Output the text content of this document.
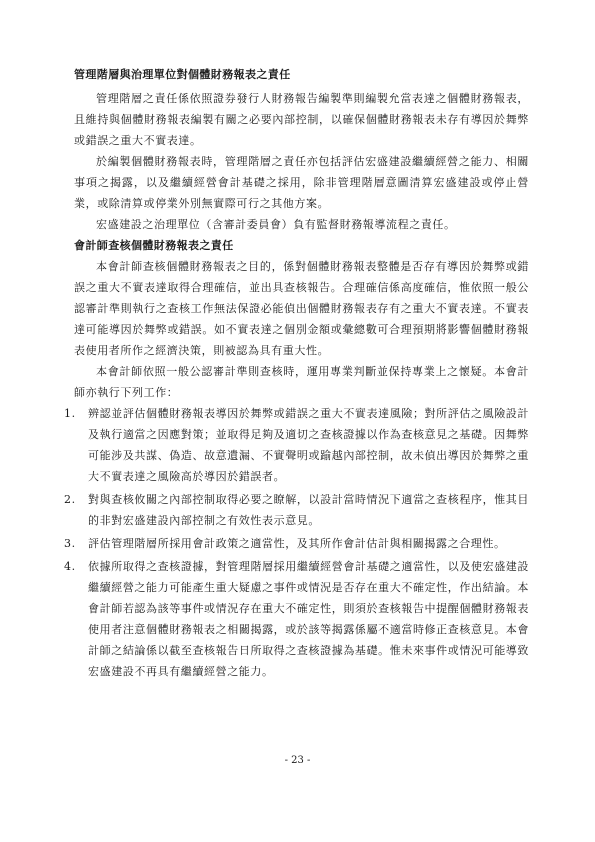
管理階層與治理單位對個體財務報表之責任

管理階層之責任係依照證券發行人財務報告編製準則編製允當表達之個體財務報表，且維持與個體財務報表編製有關之必要內部控制，以確保個體財務報表未存有導因於舞弊或錯誤之重大不實表達。

於編製個體財務報表時，管理階層之責任亦包括評估宏盛建設繼續經營之能力、相關事項之揭露，以及繼續經營會計基礎之採用，除非管理階層意圖清算宏盛建設或停止營業，或除清算或停業外別無實際可行之其他方案。

宏盛建設之治理單位（含審計委員會）負有監督財務報導流程之責任。

會計師查核個體財務報表之責任

本會計師查核個體財務報表之目的，係對個體財務報表整體是否存有導因於舞弊或錯誤之重大不實表達取得合理確信，並出具查核報告。合理確信係高度確信，惟依照一般公認審計準則執行之查核工作無法保證必能偵出個體財務報表存有之重大不實表達。不實表達可能導因於舞弊或錯誤。如不實表達之個別金額或彙總數可合理預期將影響個體財務報表使用者所作之經濟決策，則被認為具有重大性。

本會計師依照一般公認審計準則查核時，運用專業判斷並保持專業上之懷疑。本會計師亦執行下列工作：

1. 辨認並評估個體財務報表導因於舞弊或錯誤之重大不實表達風險；對所評估之風險設計及執行適當之因應對策；並取得足夠及適切之查核證據以作為查核意見之基礎。因舞弊可能涉及共謀、偽造、故意遺漏、不實聲明或踰越內部控制，故未偵出導因於舞弊之重大不實表達之風險高於導因於錯誤者。
2. 對與查核攸關之內部控制取得必要之瞭解，以設計當時情況下適當之查核程序，惟其目的非對宏盛建設內部控制之有效性表示意見。
3. 評估管理階層所採用會計政策之適當性，及其所作會計估計與相關揭露之合理性。
4. 依據所取得之查核證據，對管理階層採用繼續經營會計基礎之適當性，以及使宏盛建設繼續經營之能力可能產生重大疑慮之事件或情況是否存在重大不確定性，作出結論。本會計師若認為該等事件或情況存在重大不確定性，則須於查核報告中提醒個體財務報表使用者注意個體財務報表之相關揭露，或於該等揭露係屬不適當時修正查核意見。本會計師之結論係以截至查核報告日所取得之查核證據為基礎。惟未來事件或情況可能導致宏盛建設不再具有繼續經營之能力。
- 23 -
